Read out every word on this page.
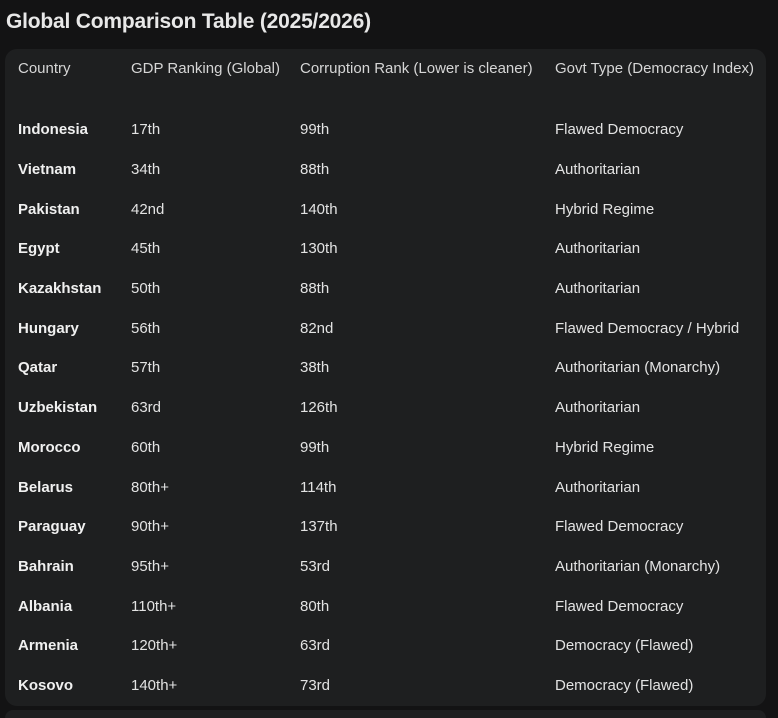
Global Comparison Table (2025/2026)
Country	GDP Ranking (Global)	Corruption Rank (Lower is cleaner)	Govt Type (Democracy Index)
Indonesia	17th	99th	Flawed Democracy
Vietnam	34th	88th	Authoritarian
Pakistan	42nd	140th	Hybrid Regime
Egypt	45th	130th	Authoritarian
Kazakhstan	50th	88th	Authoritarian
Hungary	56th	82nd	Flawed Democracy / Hybrid
Qatar	57th	38th	Authoritarian (Monarchy)
Uzbekistan	63rd	126th	Authoritarian
Morocco	60th	99th	Hybrid Regime
Belarus	80th+	114th	Authoritarian
Paraguay	90th+	137th	Flawed Democracy
Bahrain	95th+	53rd	Authoritarian (Monarchy)
Albania	110th+	80th	Flawed Democracy
Armenia	120th+	63rd	Democracy (Flawed)
Kosovo	140th+	73rd	Democracy (Flawed)
